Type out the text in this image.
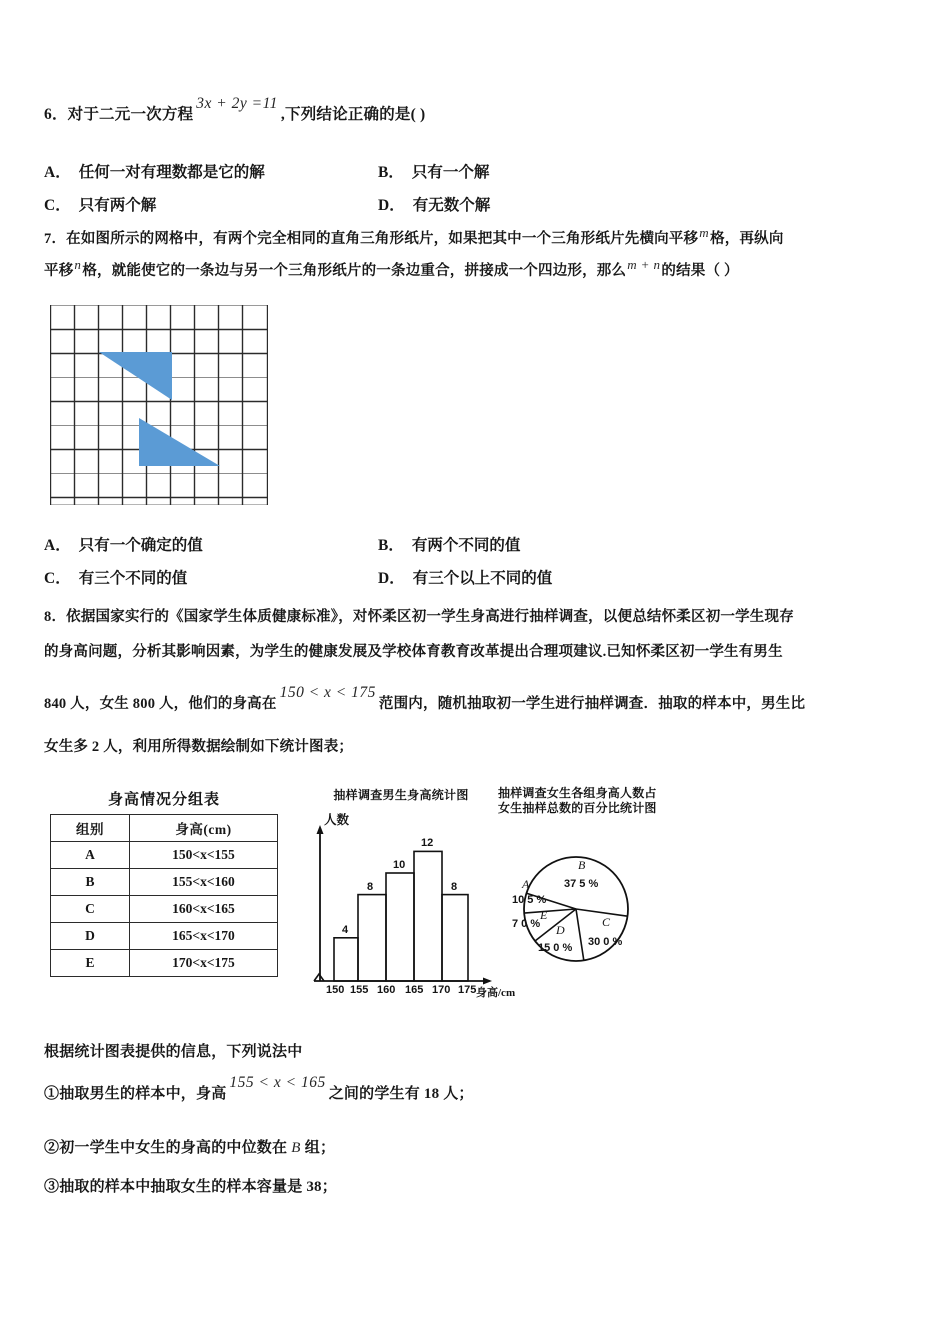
6．对于二元一次方程3x + 2y =11,下列结论正确的是( )
A． 任何一对有理数都是它的解	B． 只有一个解
C． 只有两个解	D． 有无数个解
7．在如图所示的网格中，有两个完全相同的直角三角形纸片，如果把其中一个三角形纸片先横向平移m格，再纵向
平移n格，就能使它的一条边与另一个三角形纸片的一条边重合，拼接成一个四边形，那么m + n的结果（ ）
A． 只有一个确定的值	B． 有两个不同的值
C． 有三个不同的值	D． 有三个以上不同的值
8．依据国家实行的《国家学生体质健康标准》，对怀柔区初一学生身高进行抽样调查，以便总结怀柔区初一学生现存
的身高问题，分析其影响因素，为学生的健康发展及学校体育教育改革提出合理项建议.已知怀柔区初一学生有男生
840 人，女生 800 人，他们的身高在150 < x < 175范围内，随机抽取初一学生进行抽样调查．抽取的样本中，男生比
女生多 2 人，利用所得数据绘制如下统计图表；
身高情况分组表
组别	身高(cm)
A	150<x<155
B	155<x<160
C	160<x<165
D	165<x<170
E	170<x<175
抽样调查男生身高统计图
4
8
10
12
8
150 155 160 165 170 175
人数
身高/cm
抽样调查女生各组身高人数占
女生抽样总数的百分比统计图
A
10 5 %
B
37 5 %
C
30 0 %
D
15 0 %
E
7 0 %
根据统计图表提供的信息，下列说法中
①抽取男生的样本中，身高155 < x < 165之间的学生有 18 人；
②初一学生中女生的身高的中位数在 B 组；
③抽取的样本中抽取女生的样本容量是 38；
